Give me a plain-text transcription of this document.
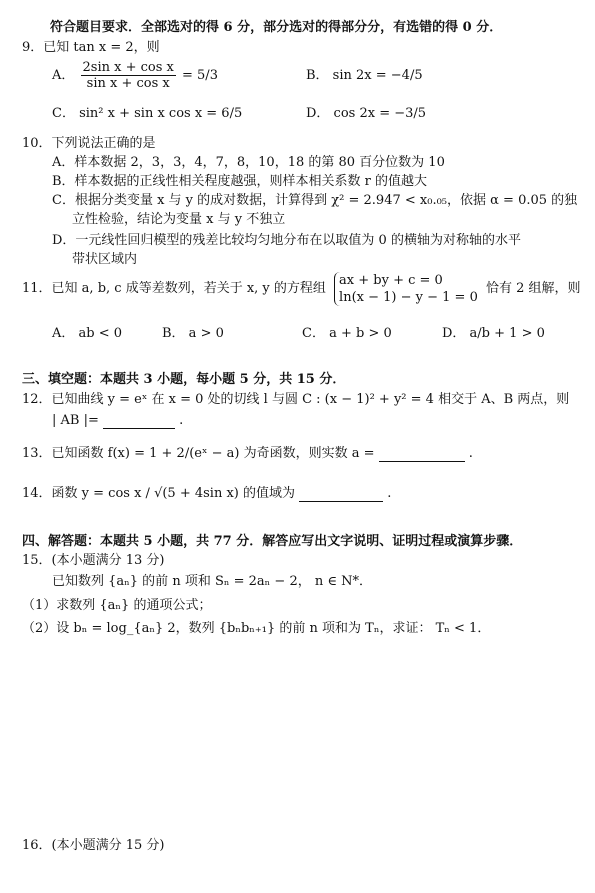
符合题目要求．全部选对的得 6 分，部分选对的得部分分，有选错的得 0 分．
9．已知 tan x = 2，则
A． $\frac{\text{2sin x + cos x}}{\text{sin x + cos x}} = 5/3$	B． sin 2x = −4/5
C． sin² x + sin x cos x = 6/5	D． cos 2x = −3/5
10．下列说法正确的是
A．样本数据 2，3，3，4，7，8，10，18 的第 80 百分位数为 10
B．样本数据的正线性相关程度越强，则样本相关系数 r 的值越大
C．根据分类变量 x 与 y 的成对数据，计算得到 χ² = 2.947 < x₀.₀₅，依据 α = 0.05 的独
立性检验，结论为变量 x 与 y 不独立
D．一元线性回归模型的残差比较均匀地分布在以取值为 0 的横轴为对称轴的水平
带状区域内
11．已知 a, b, c 成等差数列，若关于 x, y 的方程组
ax + by + c = 0
ln(x − 1) − y − 1 = 0
恰有 2 组解，则
A． ab < 0	B． a > 0	C． a + b > 0	D． a/b + 1 > 0
三、填空题：本题共 3 小题，每小题 5 分，共 15 分．
12．已知曲线 y = eˣ 在 x = 0 处的切线 l 与圆 C : (x − 1)² + y² = 4 相交于 A、B 两点，则
| AB |=	.
13．已知函数 f(x) = 1 + 2/(eˣ − a) 为奇函数，则实数 a =	.
14．函数 y = cos x / √(5 + 4sin x) 的值域为	.
四、解答题：本题共 5 小题，共 77 分．解答应写出文字说明、证明过程或演算步骤．
15．(本小题满分 13 分)
已知数列 {aₙ} 的前 n 项和 Sₙ = 2aₙ − 2， n ∈ N*．
（1）求数列 {aₙ} 的通项公式；
（2）设 bₙ = log_{aₙ} 2，数列 {bₙbₙ₊₁} 的前 n 项和为 Tₙ，求证： Tₙ < 1．
16．(本小题满分 15 分)
